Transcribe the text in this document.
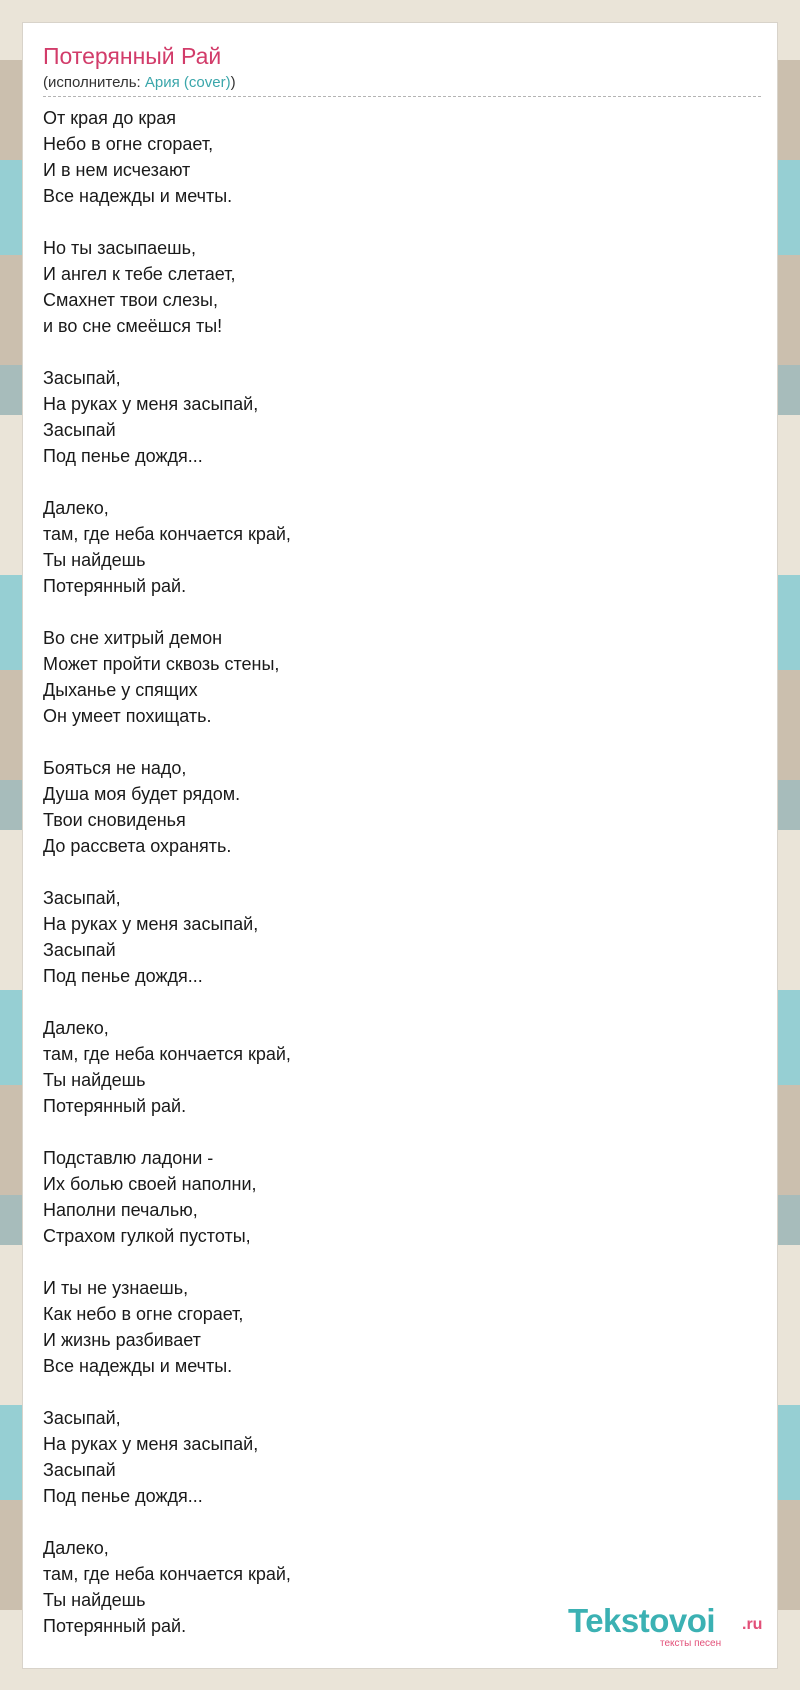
Потерянный Рай
(исполнитель: Ария (cover))
От края до края
Небо в огне сгорает,
И в нем исчезают
Все надежды и мечты.
Но ты засыпаешь,
И ангел к тебе слетает,
Смахнет твои слезы,
и во сне смеёшся ты!
Засыпай,
На руках у меня засыпай,
Засыпай
Под пенье дождя...
Далеко,
там, где неба кончается край,
Ты найдешь
Потерянный рай.
Во сне хитрый демон
Может пройти сквозь стены,
Дыханье у спящих
Он умеет похищать.
Бояться не надо,
Душа моя будет рядом.
Твои сновиденья
До рассвета охранять.
Засыпай,
На руках у меня засыпай,
Засыпай
Под пенье дождя...
Далеко,
там, где неба кончается край,
Ты найдешь
Потерянный рай.
Подставлю ладони -
Их болью своей наполни,
Наполни печалью,
Страхом гулкой пустоты,
И ты не узнаешь,
Как небо в огне сгорает,
И жизнь разбивает
Все надежды и мечты.
Засыпай,
На руках у меня засыпай,
Засыпай
Под пенье дождя...
Далеко,
там, где неба кончается край,
Ты найдешь
Потерянный рай.	Tekstovoi .ru
тексты песен
